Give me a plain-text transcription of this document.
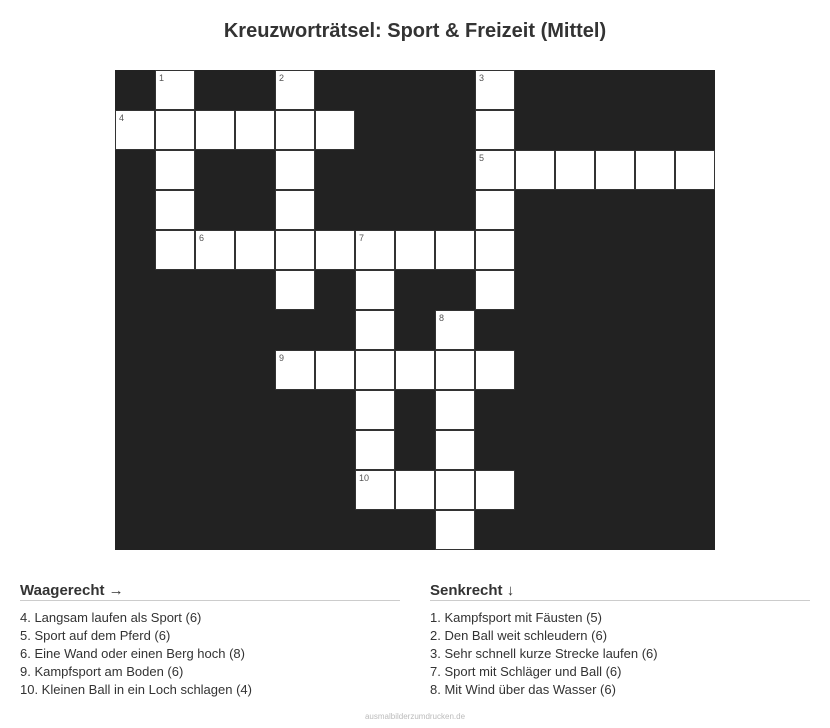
Kreuzworträtsel: Sport & Freizeit (Mittel)
1	2	3
5
4
6	7
8
9
10
Waagerecht →
4. Langsam laufen als Sport (6)
5. Sport auf dem Pferd (6)
6. Eine Wand oder einen Berg hoch (8)
9. Kampfsport am Boden (6)
10. Kleinen Ball in ein Loch schlagen (4)
Senkrecht ↓
1. Kampfsport mit Fäusten (5)
2. Den Ball weit schleudern (6)
3. Sehr schnell kurze Strecke laufen (6)
7. Sport mit Schläger und Ball (6)
8. Mit Wind über das Wasser (6)
ausmalbilderzumdrucken.de
